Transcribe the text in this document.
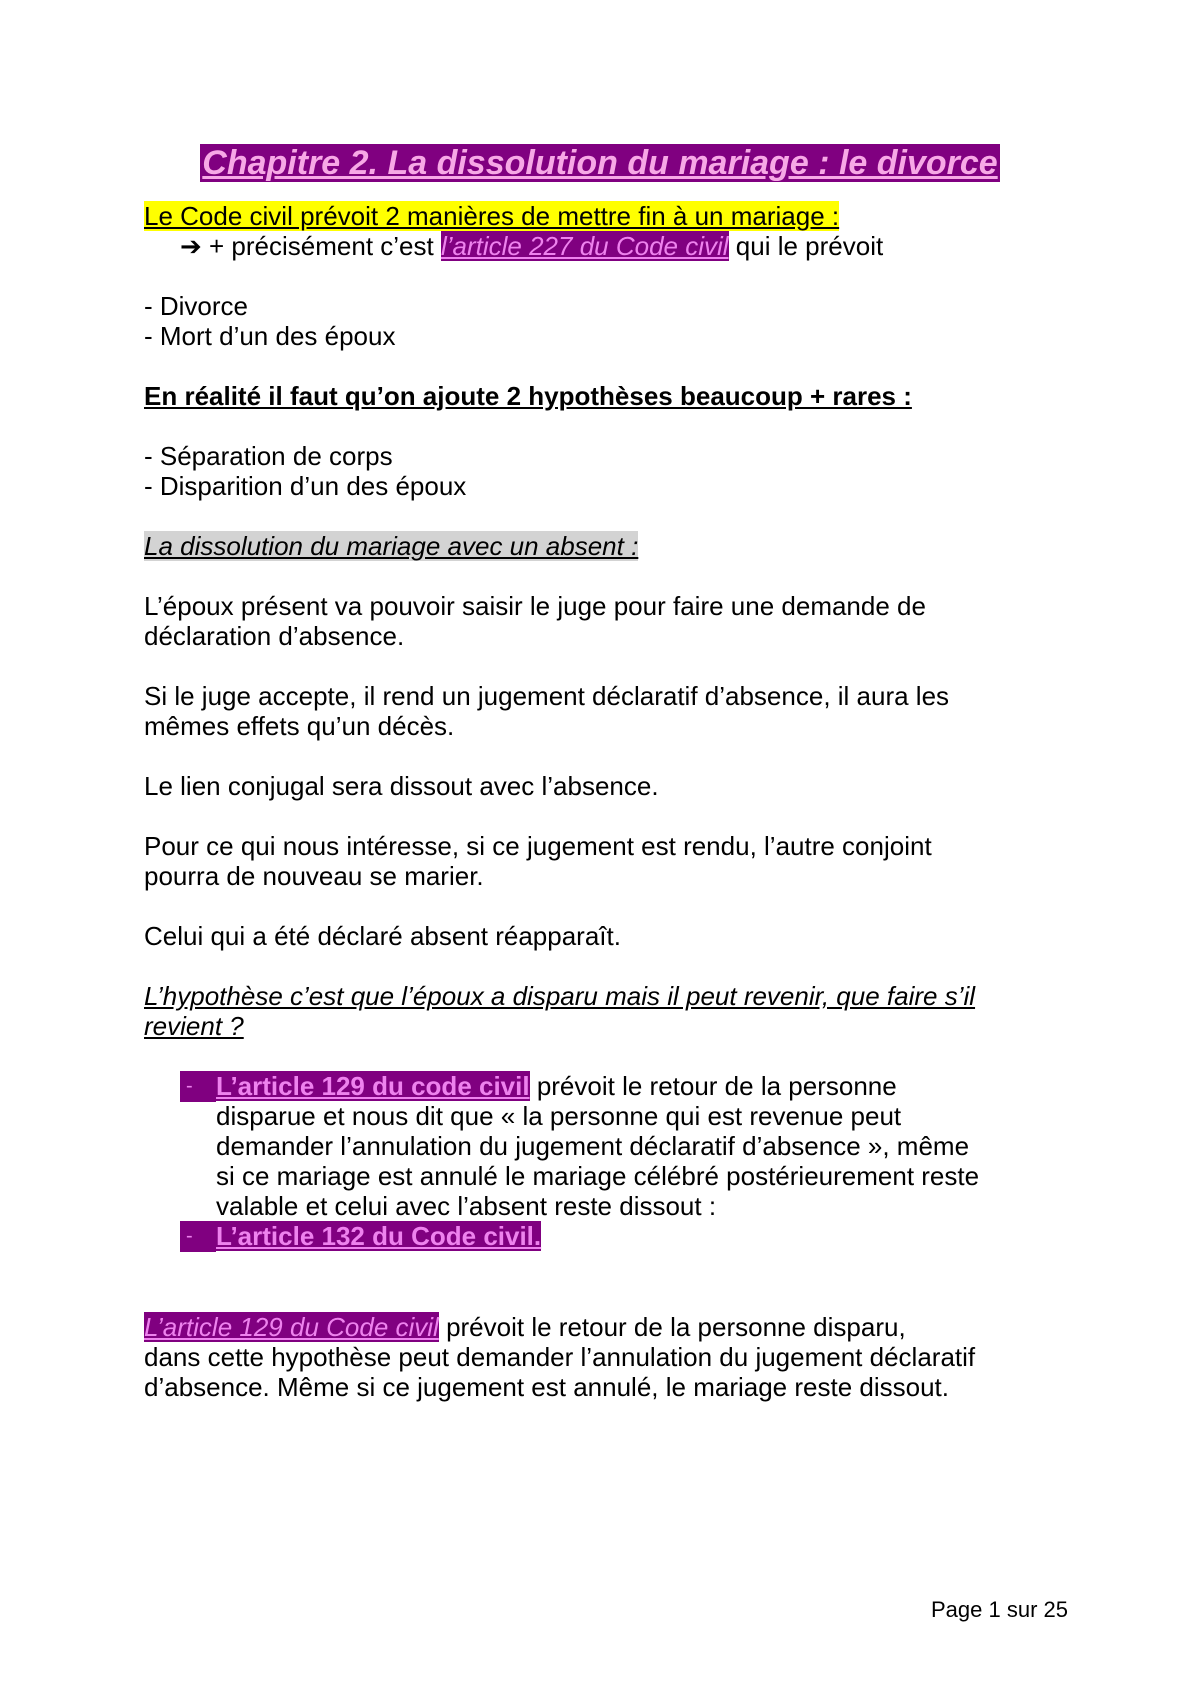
Chapitre 2. La dissolution du mariage : le divorce

Le Code civil prévoit 2 manières de mettre fin à un mariage :

➔ + précisément c’est l’article 227 du Code civil qui le prévoit

- Divorce

- Mort d’un des époux

En réalité il faut qu’on ajoute 2 hypothèses beaucoup + rares :

- Séparation de corps

- Disparition d’un des époux

La dissolution du mariage avec un absent :

L’époux présent va pouvoir saisir le juge pour faire une demande de

déclaration d’absence.

Si le juge accepte, il rend un jugement déclaratif d’absence, il aura les

mêmes effets qu’un décès.

Le lien conjugal sera dissout avec l’absence.

Pour ce qui nous intéresse, si ce jugement est rendu, l’autre conjoint

pourra de nouveau se marier.

Celui qui a été déclaré absent réapparaît.

L’hypothèse c’est que l’époux a disparu mais il peut revenir, que faire s’il

revient ?

- L’article 129 du code civil prévoit le retour de la personne

disparue et nous dit que « la personne qui est revenue peut

demander l’annulation du jugement déclaratif d’absence », même

si ce mariage est annulé le mariage célébré postérieurement reste

valable et celui avec l’absent reste dissout :

- L’article 132 du Code civil.

L’article 129 du Code civil prévoit le retour de la personne disparu,

dans cette hypothèse peut demander l’annulation du jugement déclaratif

d’absence. Même si ce jugement est annulé, le mariage reste dissout.

Page 1 sur 25
